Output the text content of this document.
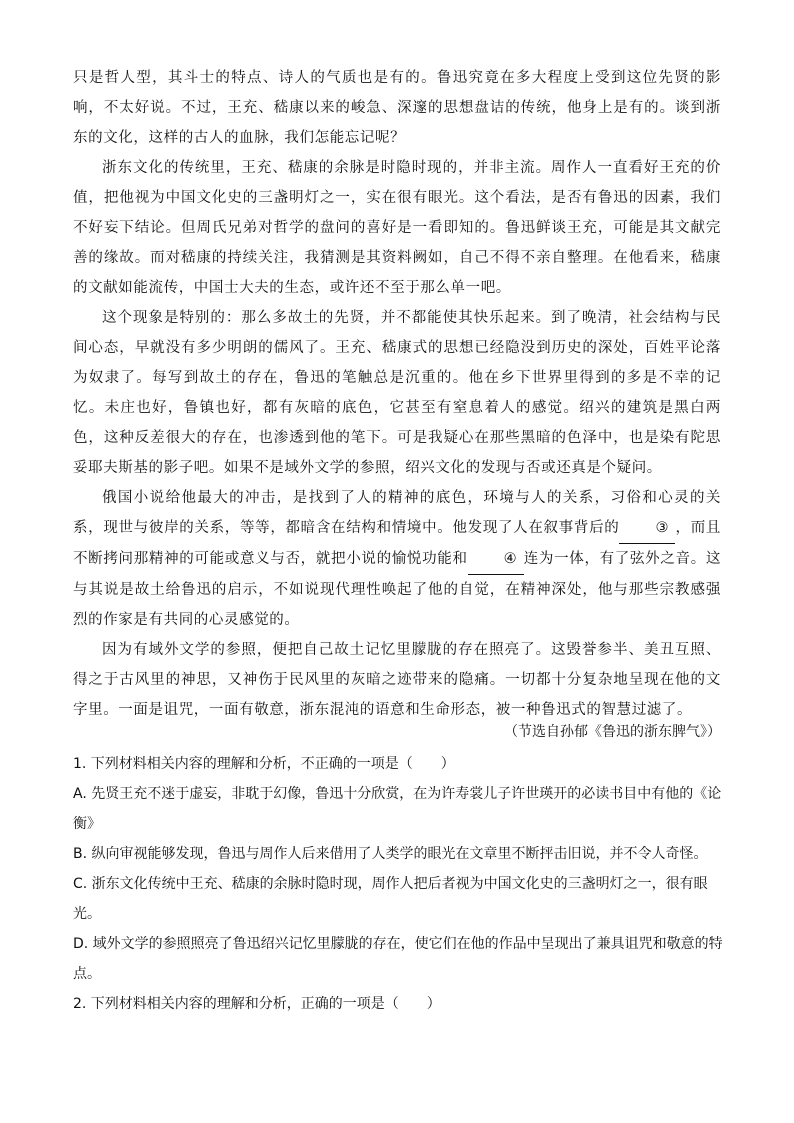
只是哲人型，其斗士的特点、诗人的气质也是有的。鲁迅究竟在多大程度上受到这位先贤的影响，不太好说。不过，王充、嵇康以来的峻急、深邃的思想盘诘的传统，他身上是有的。谈到浙东的文化，这样的古人的血脉，我们怎能忘记呢？

浙东文化的传统里，王充、嵇康的余脉是时隐时现的，并非主流。周作人一直看好王充的价值，把他视为中国文化史的三盏明灯之一，实在很有眼光。这个看法，是否有鲁迅的因素，我们不好妄下结论。但周氏兄弟对哲学的盘问的喜好是一看即知的。鲁迅鲜谈王充，可能是其文献完善的缘故。而对嵇康的持续关注，我猜测是其资料阙如，自己不得不亲自整理。在他看来，嵇康的文献如能流传，中国士大夫的生态，或许还不至于那么单一吧。

这个现象是特别的：那么多故土的先贤，并不都能使其快乐起来。到了晚清，社会结构与民间心态，早就没有多少明朗的儒风了。王充、嵇康式的思想已经隐没到历史的深处，百姓平论落为奴隶了。每写到故土的存在，鲁迅的笔触总是沉重的。他在乡下世界里得到的多是不幸的记忆。未庄也好，鲁镇也好，都有灰暗的底色，它甚至有窒息着人的感觉。绍兴的建筑是黑白两色，这种反差很大的存在，也渗透到他的笔下。可是我疑心在那些黑暗的色泽中，也是染有陀思妥耶夫斯基的影子吧。如果不是域外文学的参照，绍兴文化的发现与否或还真是个疑问。

俄国小说给他最大的冲击，是找到了人的精神的底色，环境与人的关系，习俗和心灵的关系，现世与彼岸的关系，等等，都暗含在结构和情境中。他发现了人在叙事背后的 ③ ，而且不断拷问那精神的可能或意义与否，就把小说的愉悦功能和 ④ 连为一体，有了弦外之音。这与其说是故土给鲁迅的启示，不如说现代理性唤起了他的自觉，在精神深处，他与那些宗教感强烈的作家是有共同的心灵感觉的。

因为有域外文学的参照，便把自己故土记忆里朦胧的存在照亮了。这毁誉参半、美丑互照、得之于古风里的神思，又神伤于民风里的灰暗之迹带来的隐痛。一切都十分复杂地呈现在他的文字里。一面是诅咒，一面有敬意，浙东混沌的语意和生命形态，被一种鲁迅式的智慧过滤了。

（节选自孙郁《鲁迅的浙东脾气》）

1. 下列材料相关内容的理解和分析，不正确的一项是（　　）

A. 先贤王充不迷于虚妄，非耽于幻像，鲁迅十分欣赏，在为许寿裳儿子许世瑛开的必读书目中有他的《论衡》

B. 纵向审视能够发现，鲁迅与周作人后来借用了人类学的眼光在文章里不断抨击旧说，并不令人奇怪。

C. 浙东文化传统中王充、嵇康的余脉时隐时现，周作人把后者视为中国文化史的三盏明灯之一，很有眼光。

D. 域外文学的参照照亮了鲁迅绍兴记忆里朦胧的存在，使它们在他的作品中呈现出了兼具诅咒和敬意的特点。

2. 下列材料相关内容的理解和分析，正确的一项是（　　）
